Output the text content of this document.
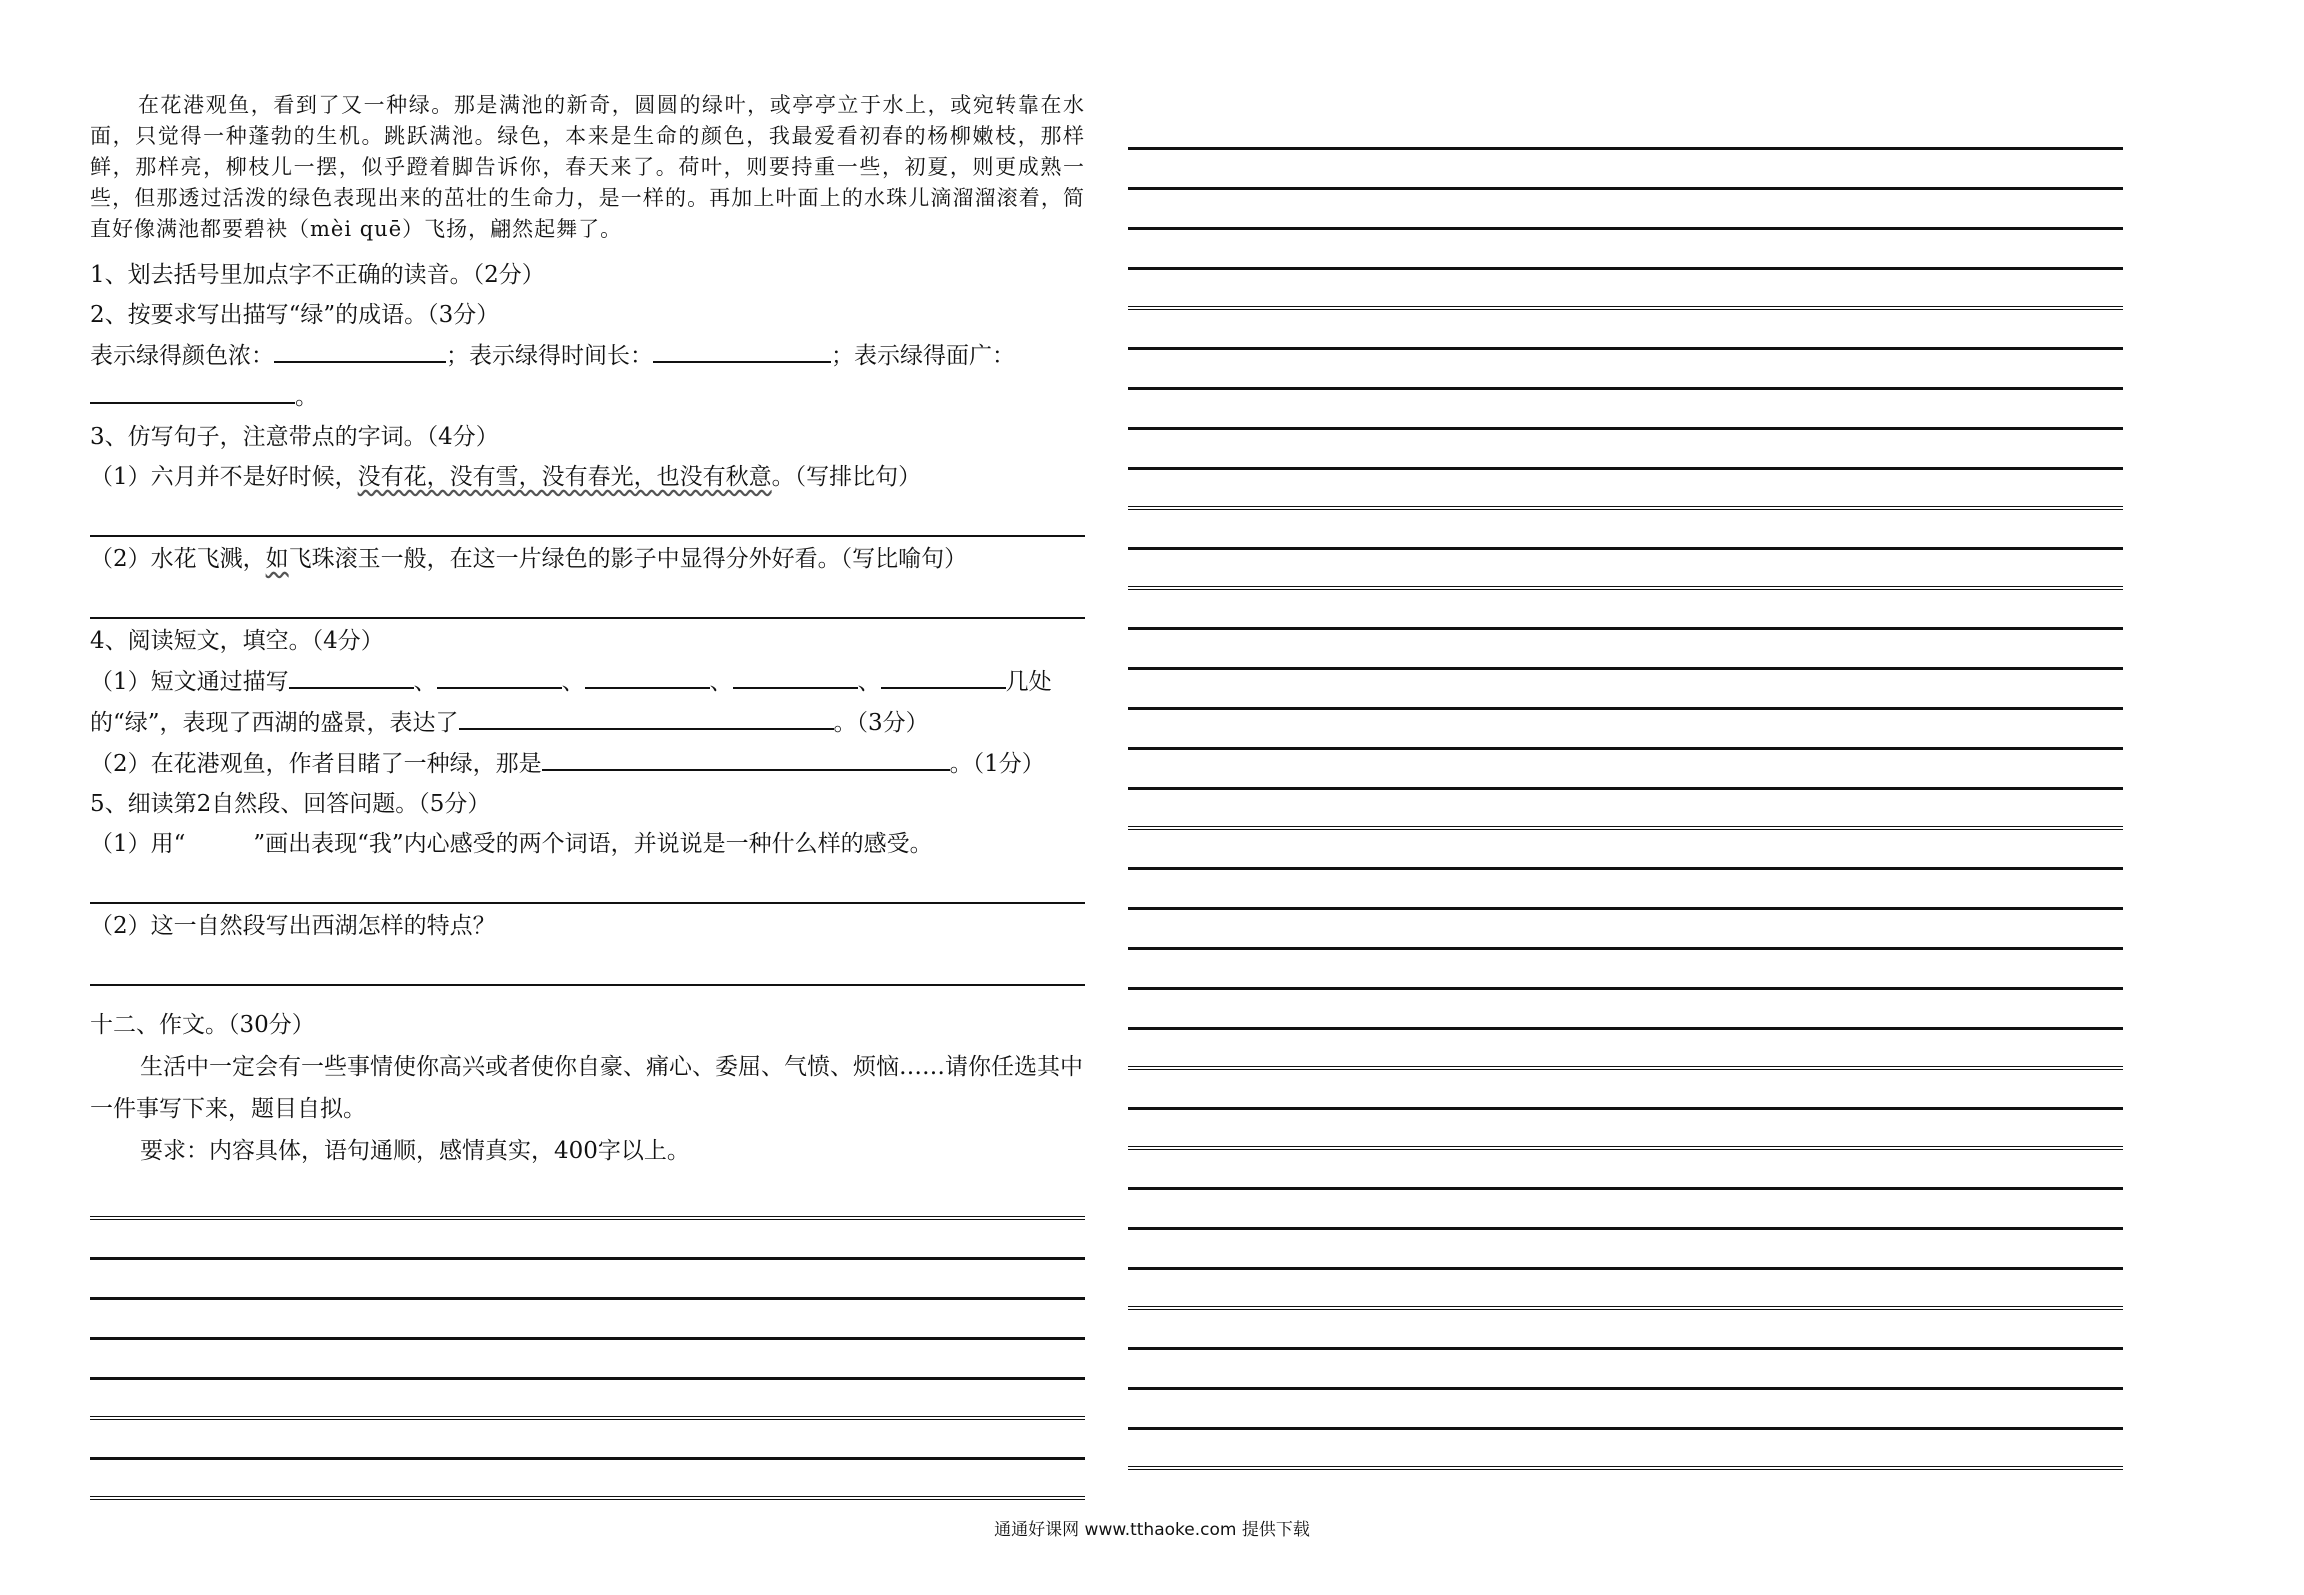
在花港观鱼，看到了又一种绿。那是满池的新奇，圆圆的绿叶，或亭亭立于水上，或宛转靠在水面，只觉得一种蓬勃的生机。跳跃满池。绿色，本来是生命的颜色，我最爱看初春的杨柳嫩枝，那样鲜，那样亮，柳枝儿一摆，似乎蹬着脚告诉你，春天来了。荷叶，则要持重一些，初夏，则更成熟一些，但那透过活泼的绿色表现出来的茁壮的生命力，是一样的。再加上叶面上的水珠儿滴溜溜滚着，简直好像满池都要碧袂（mèi quē）飞扬，翩然起舞了。
1、划去括号里加点字不正确的读音。（2分）
2、按要求写出描写“绿”的成语。（3分）
表示绿得颜色浓：	；表示绿得时间长：	；表示绿得面广：
。
3、仿写句子，注意带点的字词。（4分）
（1）六月并不是好时候，没有花，没有雪，没有春光，也没有秋意。（写排比句）
（2）水花飞溅，如飞珠滚玉一般，在这一片绿色的影子中显得分外好看。（写比喻句）
4、阅读短文，填空。（4分）
（1）短文通过描写	、	、	、	、	几处
的“绿”，表现了西湖的盛景，表达了	。（3分）
（2）在花港观鱼，作者目睹了一种绿，那是	。（1分）
5、细读第2自然段、回答问题。（5分）
（1）用“	”画出表现“我”内心感受的两个词语，并说说是一种什么样的感受。
（2）这一自然段写出西湖怎样的特点？
十二、作文。（30分）
生活中一定会有一些事情使你高兴或者使你自豪、痛心、委屈、气愤、烦恼……请你任选其中一件事写下来，题目自拟。
要求：内容具体，语句通顺，感情真实，400字以上。
通通好课网 www.tthaoke.com 提供下载
